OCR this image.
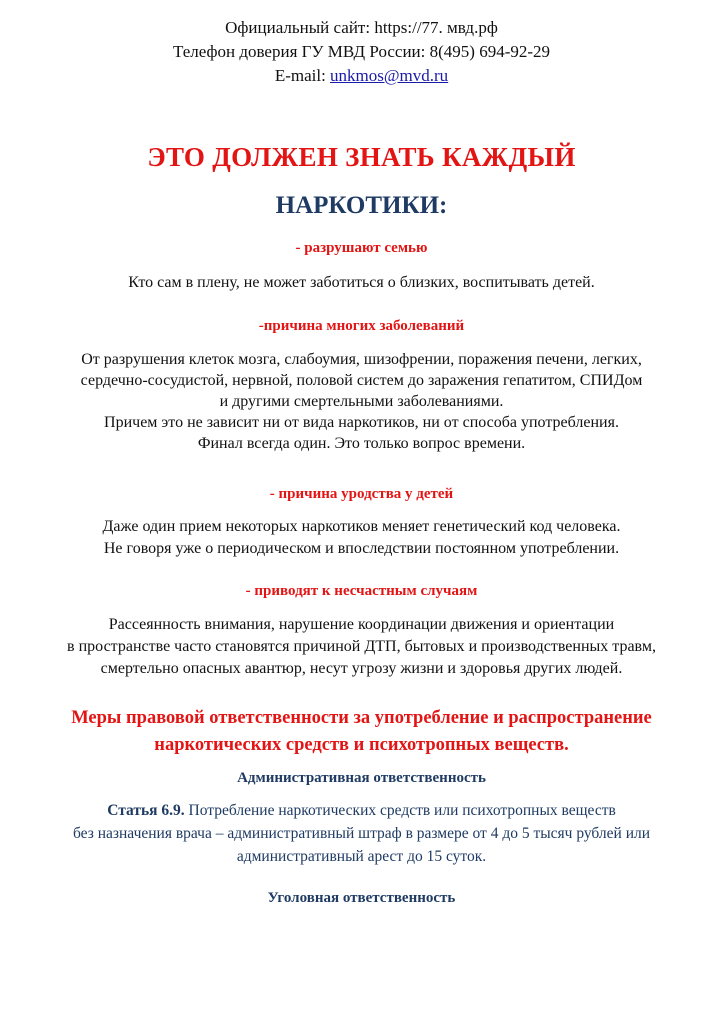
Официальный сайт: https://77. мвд.рф
Телефон доверия ГУ МВД России: 8(495) 694-92-29
E-mail: unkmos@mvd.ru
ЭТО ДОЛЖЕН ЗНАТЬ КАЖДЫЙ
НАРКОТИКИ:
- разрушают семью
Кто сам в плену, не может заботиться о близких, воспитывать детей.
-причина многих заболеваний
От разрушения клеток мозга, слабоумия, шизофрении, поражения печени, легких,
сердечно-сосудистой, нервной, половой систем до заражения гепатитом, СПИДом
и другими смертельными заболеваниями.
Причем это не зависит ни от вида наркотиков, ни от способа употребления.
Финал всегда один. Это только вопрос времени.
- причина уродства у детей
Даже один прием некоторых наркотиков меняет генетический код человека.
Не говоря уже о периодическом и впоследствии постоянном употреблении.
- приводят к несчастным случаям
Рассеянность внимания, нарушение координации движения и ориентации
в пространстве часто становятся причиной ДТП, бытовых и производственных травм,
смертельно опасных авантюр, несут угрозу жизни и здоровья других людей.
Меры правовой ответственности за употребление и распространение
наркотических средств и психотропных веществ.
Административная ответственность
Статья 6.9. Потребление наркотических средств или психотропных веществ
без назначения врача – административный штраф в размере от 4 до 5 тысяч рублей или
административный арест до 15 суток.
Уголовная ответственность
